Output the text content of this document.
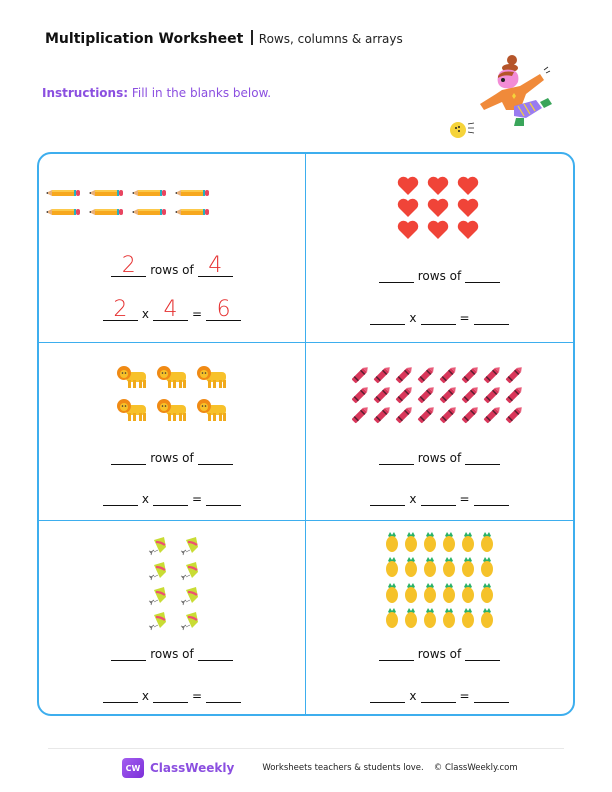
Multiplication Worksheet Rows, columns & arrays
Instructions: Fill in the blanks below.
2	rows of 4
2	x 4	= 6
rows of
x	=
rows of
x	=
rows of
x	=
rows of
x	=
rows of
x	=
CW ClassWeekly	Worksheets teachers & students love. © ClassWeekly.com
